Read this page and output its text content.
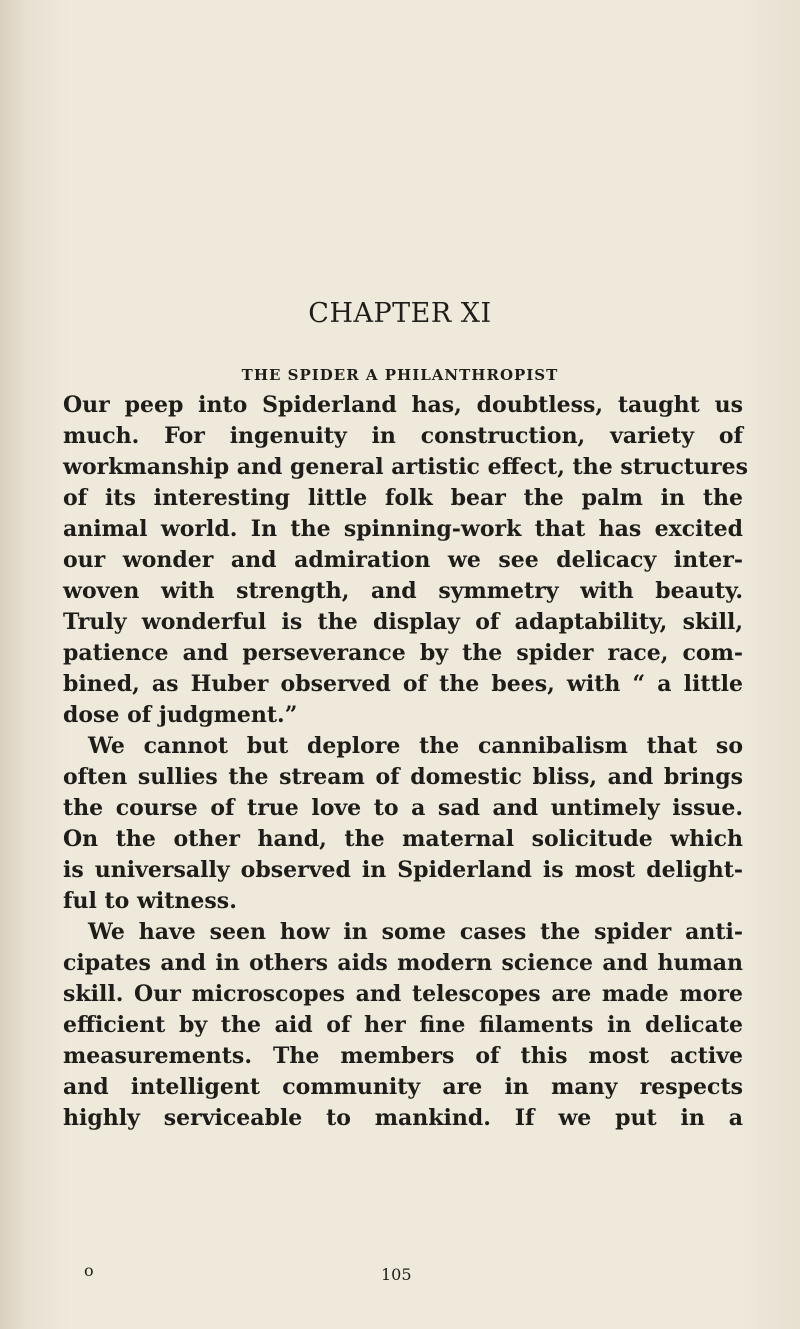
CHAPTER XI
THE SPIDER A PHILANTHROPIST
Our peep into Spiderland has, doubtless, taught us
much. For ingenuity in construction, variety of
workmanship and general artistic effect, the structures
of its interesting little folk bear the palm in the
animal world. In the spinning-work that has excited
our wonder and admiration we see delicacy inter-
woven with strength, and symmetry with beauty.
Truly wonderful is the display of adaptability, skill,
patience and perseverance by the spider race, com-
bined, as Huber observed of the bees, with “ a little
dose of judgment.”
We cannot but deplore the cannibalism that so
often sullies the stream of domestic bliss, and brings
the course of true love to a sad and untimely issue.
On the other hand, the maternal solicitude which
is universally observed in Spiderland is most delight-
ful to witness.
We have seen how in some cases the spider anti-
cipates and in others aids modern science and human
skill. Our microscopes and telescopes are made more
efficient by the aid of her fine filaments in delicate
measurements. The members of this most active
and intelligent community are in many respects
highly serviceable to mankind. If we put in a
o	105
